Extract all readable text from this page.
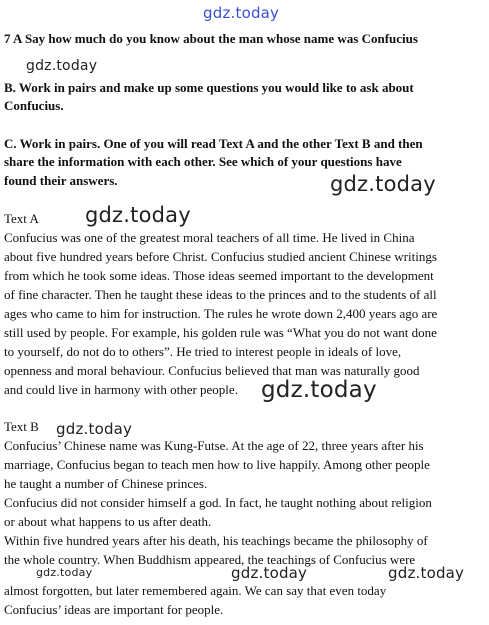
gdz.today
gdz.today
gdz.today
gdz.today
gdz.today
gdz.today
gdz.today	gdz.today	gdz.today
7 A Say how much do you know about the man whose name was Confucius
B. Work in pairs and make up some questions you would like to ask about
Confucius.
C. Work in pairs. One of you will read Text A and the other Text B and then
share the information with each other. See which of your questions have
found their answers.
Text A
Confucius was one of the greatest moral teachers of all time. He lived in China
about five hundred years before Christ. Confucius studied ancient Chinese writings
from which he took some ideas. Those ideas seemed important to the development
of fine character. Then he taught these ideas to the princes and to the students of all
ages who came to him for instruction. The rules he wrote down 2,400 years ago are
still used by people. For example, his golden rule was “What you do not want done
to yourself, do not do to others”. He tried to interest people in ideals of love,
openness and moral behaviour. Confucius believed that man was naturally good
and could live in harmony with other people.
Text B
Confucius’ Chinese name was Kung-Futse. At the age of 22, three years after his
marriage, Confucius began to teach men how to live happily. Among other people
he taught a number of Chinese princes.
Confucius did not consider himself a god. In fact, he taught nothing about religion
or about what happens to us after death.
Within five hundred years after his death, his teachings became the philosophy of
the whole country. When Buddhism appeared, the teachings of Confucius were
almost forgotten, but later remembered again. We can say that even today
Confucius’ ideas are important for people.
